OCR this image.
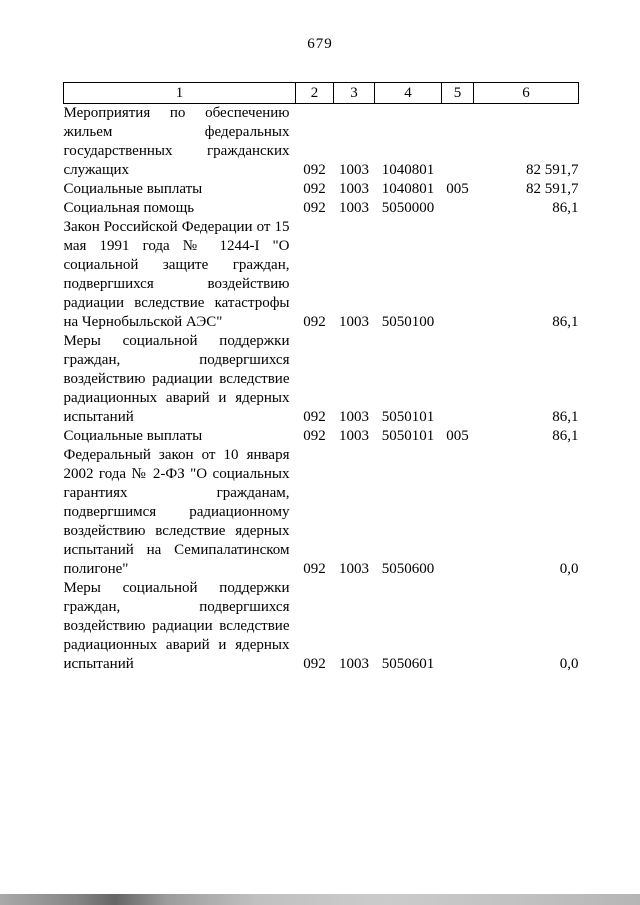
679
1	2	3	4	5	6
Мероприятия по обеспечению жильем федеральных государственных гражданских служащих	092	1003	1040801		82 591,7
Социальные выплаты	092	1003	1040801	005	82 591,7
Социальная помощь	092	1003	5050000		86,1
Закон Российской Федерации от 15 мая 1991 года № 1244-I "О социальной защите граждан, подвергшихся воздействию радиации вследствие катастрофы на Чернобыльской АЭС"	092	1003	5050100		86,1
Меры социальной поддержки граждан, подвергшихся воздействию радиации вследствие радиационных аварий и ядерных испытаний	092	1003	5050101		86,1
Социальные выплаты	092	1003	5050101	005	86,1
Федеральный закон от 10 января 2002 года № 2-ФЗ "О социальных гарантиях гражданам, подвергшимся радиационному воздействию вследствие ядерных испытаний на Семипалатинском полигоне"	092	1003	5050600		0,0
Меры социальной поддержки граждан, подвергшихся воздействию радиации вследствие радиационных аварий и ядерных испытаний	092	1003	5050601		0,0
